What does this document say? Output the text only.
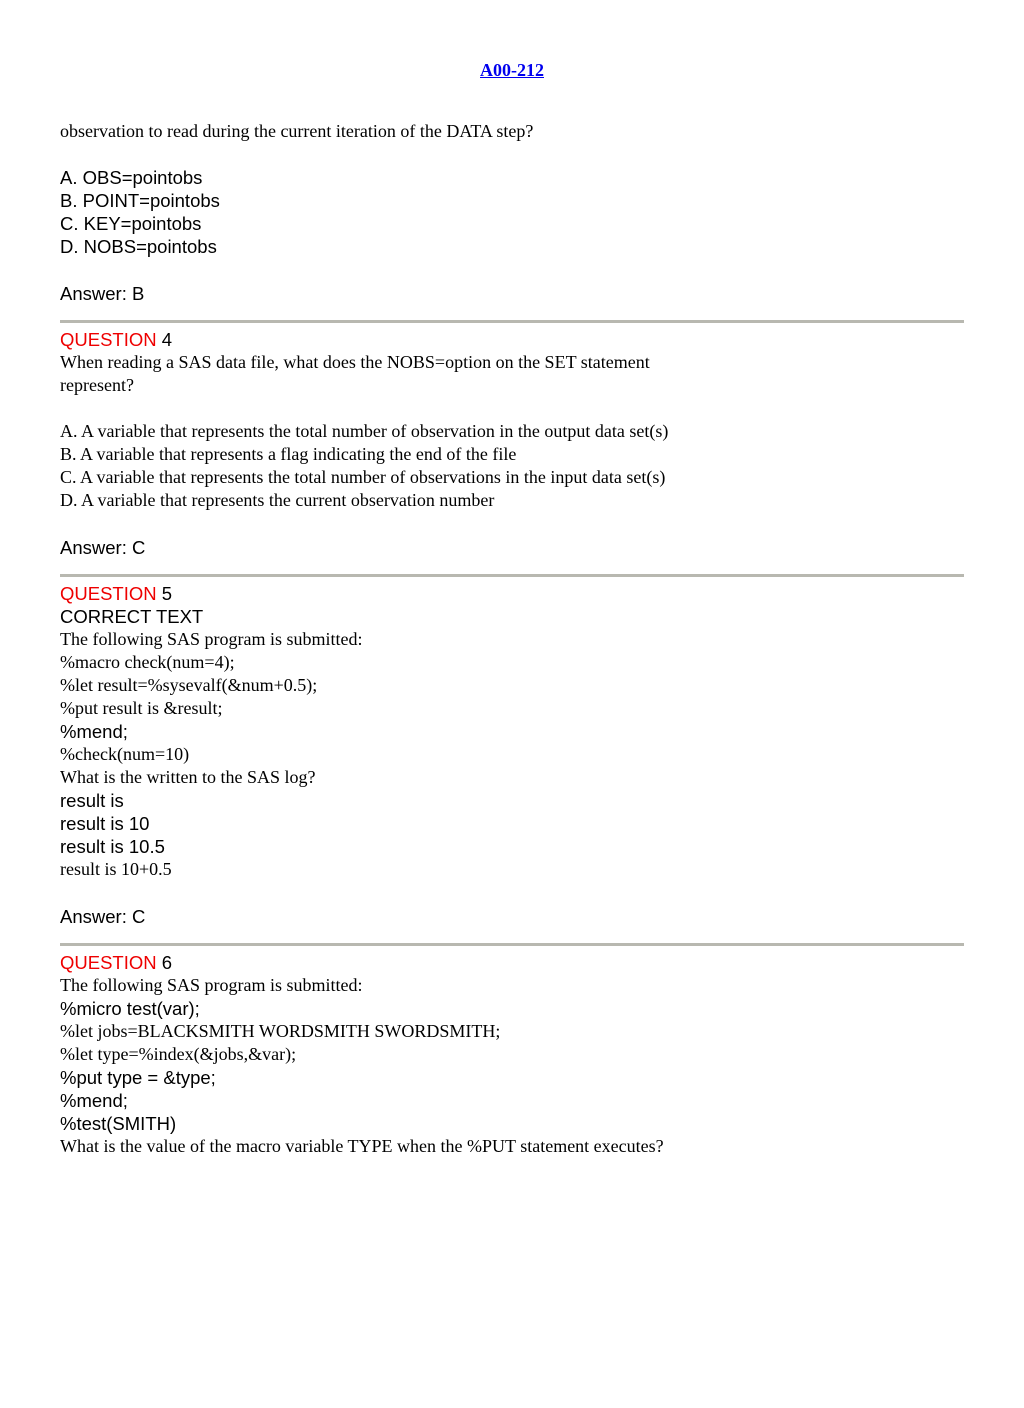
A00-212
observation to read during the current iteration of the DATA step?
A. OBS=pointobs
B. POINT=pointobs
C. KEY=pointobs
D. NOBS=pointobs
Answer: B
QUESTION 4
When reading a SAS data file, what does the NOBS=option on the SET statement
represent?
A. A variable that represents the total number of observation in the output data set(s)
B. A variable that represents a flag indicating the end of the file
C. A variable that represents the total number of observations in the input data set(s)
D. A variable that represents the current observation number
Answer: C
QUESTION 5
CORRECT TEXT
The following SAS program is submitted:
%macro check(num=4);
%let result=%sysevalf(&num+0.5);
%put result is &result;
%mend;
%check(num=10)
What is the written to the SAS log?
result is
result is 10
result is 10.5
result is 10+0.5
Answer: C
QUESTION 6
The following SAS program is submitted:
%micro test(var);
%let jobs=BLACKSMITH WORDSMITH SWORDSMITH;
%let type=%index(&jobs,&var);
%put type = &type;
%mend;
%test(SMITH)
What is the value of the macro variable TYPE when the %PUT statement executes?
